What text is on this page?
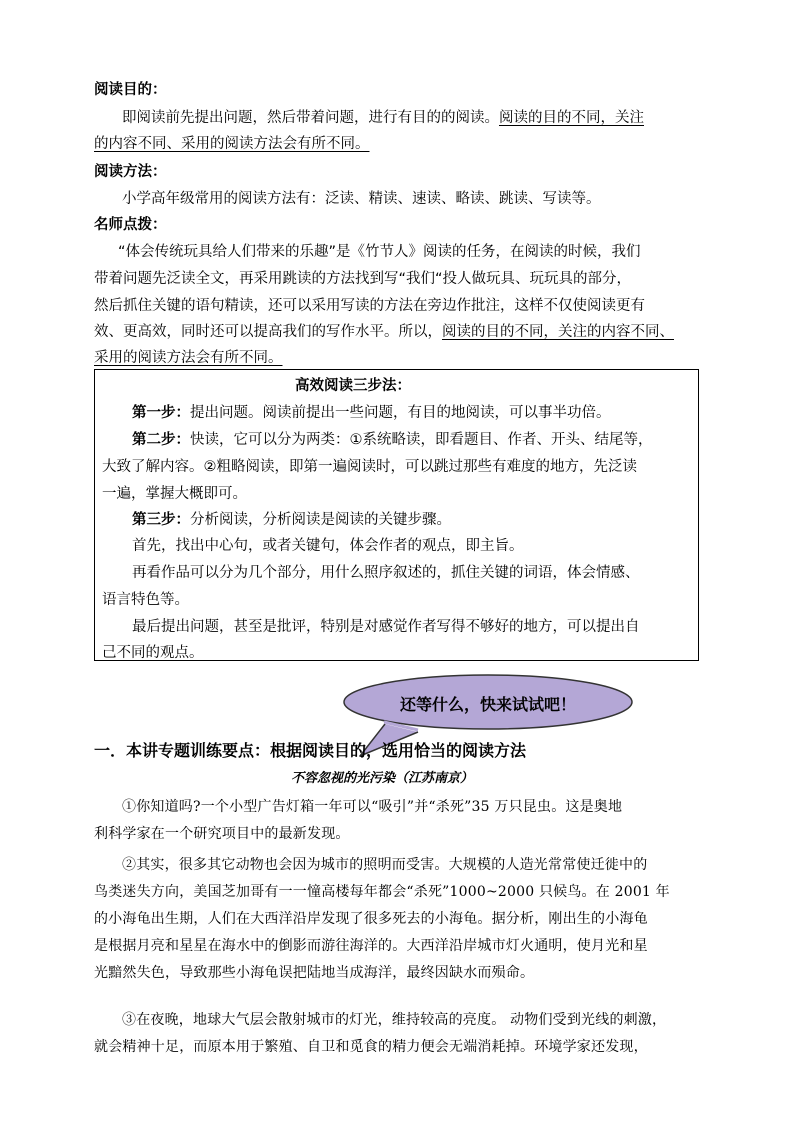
阅读目的：
即阅读前先提出问题，然后带着问题，进行有目的的阅读。阅读的目的不同，关注
的内容不同、采用的阅读方法会有所不同。
阅读方法：
小学高年级常用的阅读方法有：泛读、精读、速读、略读、跳读、写读等。
名师点拨：
“体会传统玩具给人们带来的乐趣”是《竹节人》阅读的任务，在阅读的时候，我们
带着问题先泛读全文，再采用跳读的方法找到写“我们“投人做玩具、玩玩具的部分，
然后抓住关键的语句精读，还可以采用写读的方法在旁边作批注，这样不仅使阅读更有
效、更高效，同时还可以提高我们的写作水平。所以，阅读的目的不同，关注的内容不同、
采用的阅读方法会有所不同。
高效阅读三步法：
第一步：提出问题。阅读前提出一些问题，有目的地阅读，可以事半功倍。
第二步：快读，它可以分为两类：①系统略读，即看题目、作者、开头、结尾等，
大致了解内容。②粗略阅读，即第一遍阅读时，可以跳过那些有难度的地方，先泛读
一遍，掌握大概即可。
第三步：分析阅读，分析阅读是阅读的关键步骤。
首先，找出中心句，或者关键句，体会作者的观点，即主旨。
再看作品可以分为几个部分，用什么照序叙述的，抓住关键的词语，体会情感、
语言特色等。
最后提出问题，甚至是批评，特别是对感觉作者写得不够好的地方，可以提出自
己不同的观点。
还等什么，快来试试吧！
一．本讲专题训练要点：根据阅读目的，选用恰当的阅读方法
不容忽视的光污染（江苏南京）
①你知道吗?一个小型广告灯箱一年可以“吸引”并“杀死”35 万只昆虫。这是奥地
利科学家在一个研究项目中的最新发现。
②其实，很多其它动物也会因为城市的照明而受害。大规模的人造光常常使迁徙中的
鸟类迷失方向，美国芝加哥有一一憧高楼每年都会“杀死”1000~2000 只候鸟。在 2001 年
的小海龟出生期，人们在大西洋沿岸发现了很多死去的小海龟。据分析，刚出生的小海龟
是根据月亮和星星在海水中的倒影而游往海洋的。大西洋沿岸城市灯火通明，使月光和星
光黯然失色，导致那些小海龟误把陆地当成海洋，最终因缺水而殒命。
③在夜晚，地球大气层会散射城市的灯光，维持较高的亮度。 动物们受到光线的刺激，
就会精神十足，而原本用于繁殖、自卫和觅食的精力便会无端消耗掉。环境学家还发现，
